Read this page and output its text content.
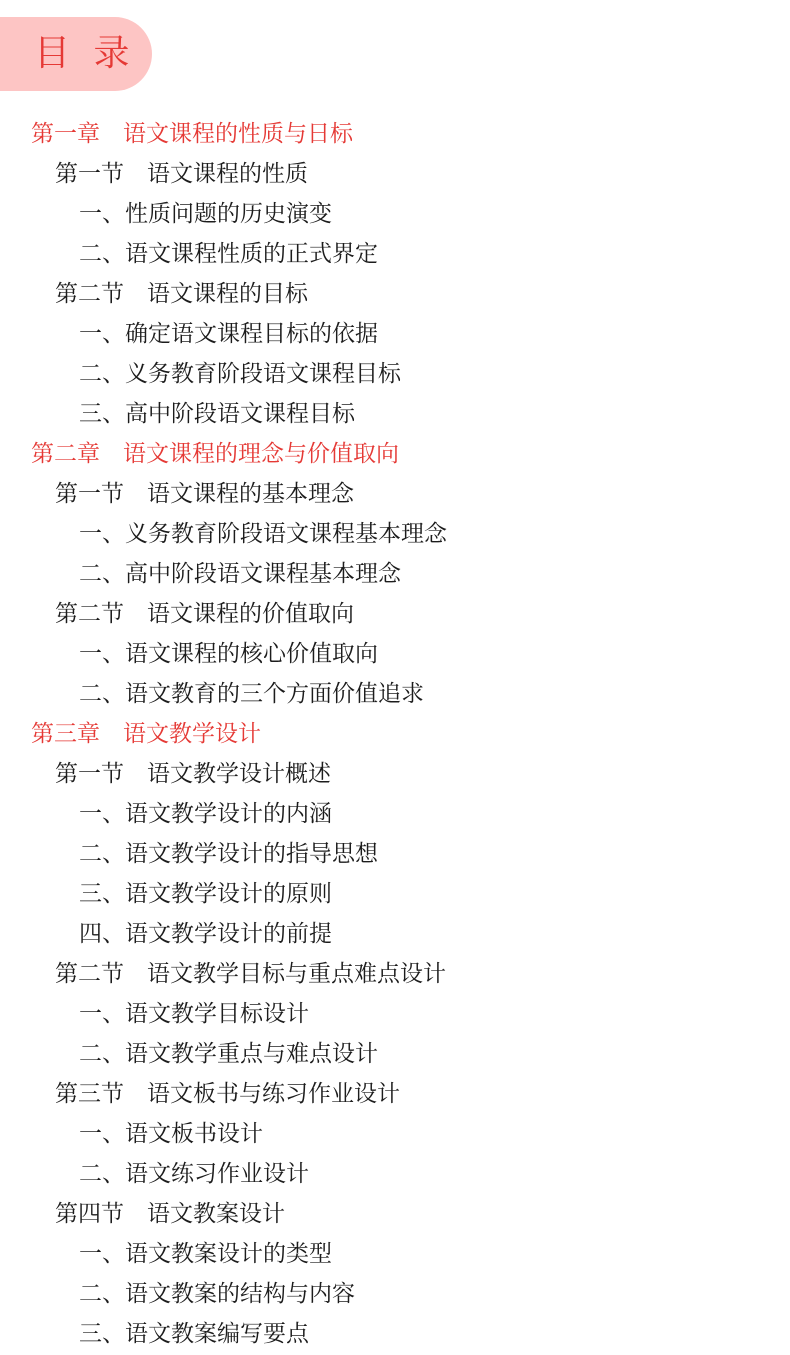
目 录
第一章　语文课程的性质与日标
第一节　语文课程的性质
一、性质问题的历史演变
二、语文课程性质的正式界定
第二节　语文课程的目标
一、确定语文课程目标的依据
二、义务教育阶段语文课程目标
三、高中阶段语文课程目标
第二章　语文课程的理念与价值取向
第一节　语文课程的基本理念
一、义务教育阶段语文课程基本理念
二、高中阶段语文课程基本理念
第二节　语文课程的价值取向
一、语文课程的核心价值取向
二、语文教育的三个方面价值追求
第三章　语文教学设计
第一节　语文教学设计概述
一、语文教学设计的内涵
二、语文教学设计的指导思想
三、语文教学设计的原则
四、语文教学设计的前提
第二节　语文教学目标与重点难点设计
一、语文教学目标设计
二、语文教学重点与难点设计
第三节　语文板书与练习作业设计
一、语文板书设计
二、语文练习作业设计
第四节　语文教案设计
一、语文教案设计的类型
二、语文教案的结构与内容
三、语文教案编写要点
